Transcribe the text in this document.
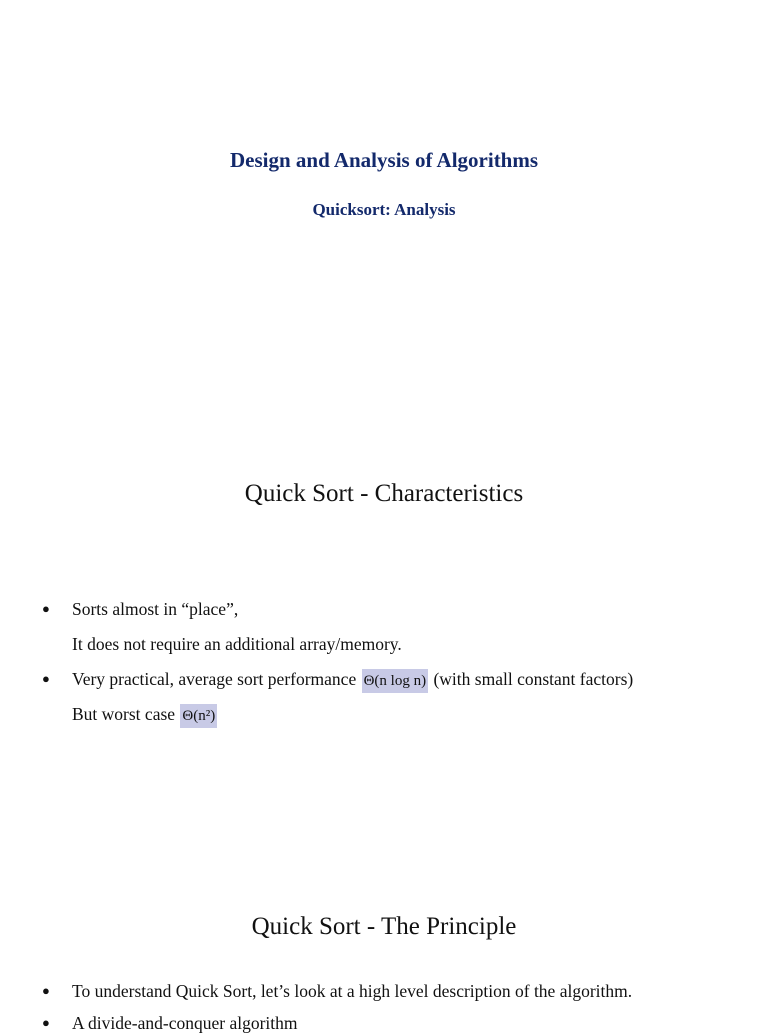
Design and Analysis of Algorithms
Quicksort: Analysis
Quick Sort - Characteristics
● Sorts almost in “place”,
It does not require an additional array/memory.
● Very practical, average sort performance Θ(n log n) (with small constant factors)
But worst case Θ(n²)
Quick Sort - The Principle
● To understand Quick Sort, let’s look at a high level description of the algorithm.
● A divide-and-conquer algorithm
